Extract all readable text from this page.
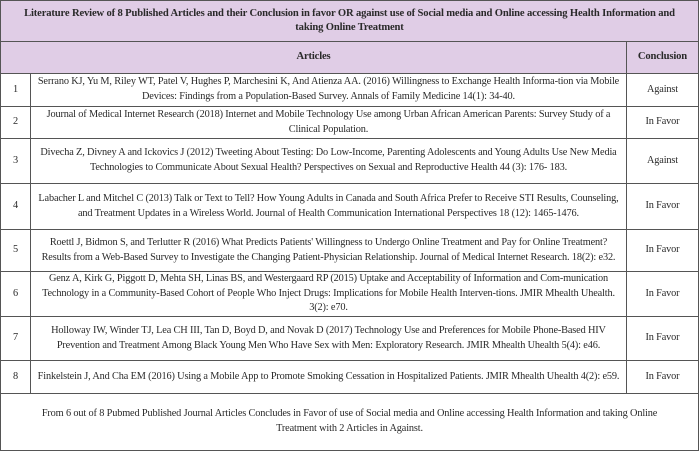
Literature Review of 8 Published Articles and their Conclusion in favor OR against use of Social media and Online accessing Health Information and taking Online Treatment		
Articles		Conclusion
1	Serrano KJ, Yu M, Riley WT, Patel V, Hughes P, Marchesini K, And Atienza AA. (2016) Willingness to Exchange Health Informa-tion via Mobile Devices: Findings from a Population-Based Survey. Annals of Family Medicine 14(1): 34-40.	Against
2	Journal of Medical Internet Research (2018) Internet and Mobile Technology Use among Urban African American Parents: Survey Study of a Clinical Population.	In Favor
3	Divecha Z, Divney A and Ickovics J (2012) Tweeting About Testing: Do Low-Income, Parenting Adolescents and Young Adults Use New Media Technologies to Communicate About Sexual Health? Perspectives on Sexual and Reproductive Health 44 (3): 176- 183.	Against
4	Labacher L and Mitchel C (2013) Talk or Text to Tell? How Young Adults in Canada and South Africa Prefer to Receive STI Results, Counseling, and Treatment Updates in a Wireless World. Journal of Health Communication International Perspectives 18 (12): 1465-1476.	In Favor
5	Roettl J, Bidmon S, and Terlutter R (2016) What Predicts Patients' Willingness to Undergo Online Treatment and Pay for Online Treatment? Results from a Web-Based Survey to Investigate the Changing Patient-Physician Relationship. Journal of Medical Internet Research. 18(2): e32.	In Favor
6	Genz A, Kirk G, Piggott D, Mehta SH, Linas BS, and Westergaard RP (2015) Uptake and Acceptability of Information and Com-munication Technology in a Community-Based Cohort of People Who Inject Drugs: Implications for Mobile Health Interven-tions. JMIR Mhealth Uhealth. 3(2): e70.	In Favor
7	Holloway IW, Winder TJ, Lea CH III, Tan D, Boyd D, and Novak D (2017) Technology Use and Preferences for Mobile Phone-Based HIV Prevention and Treatment Among Black Young Men Who Have Sex with Men: Exploratory Research. JMIR Mhealth Uhealth 5(4): e46.	In Favor
8	Finkelstein J, And Cha EM (2016) Using a Mobile App to Promote Smoking Cessation in Hospitalized Patients. JMIR Mhealth Uhealth 4(2): e59.	In Favor
From 6 out of 8 Pubmed Published Journal Articles Concludes in Favor of use of Social media and Online accessing Health Information and taking Online Treatment with 2 Articles in Against.		
